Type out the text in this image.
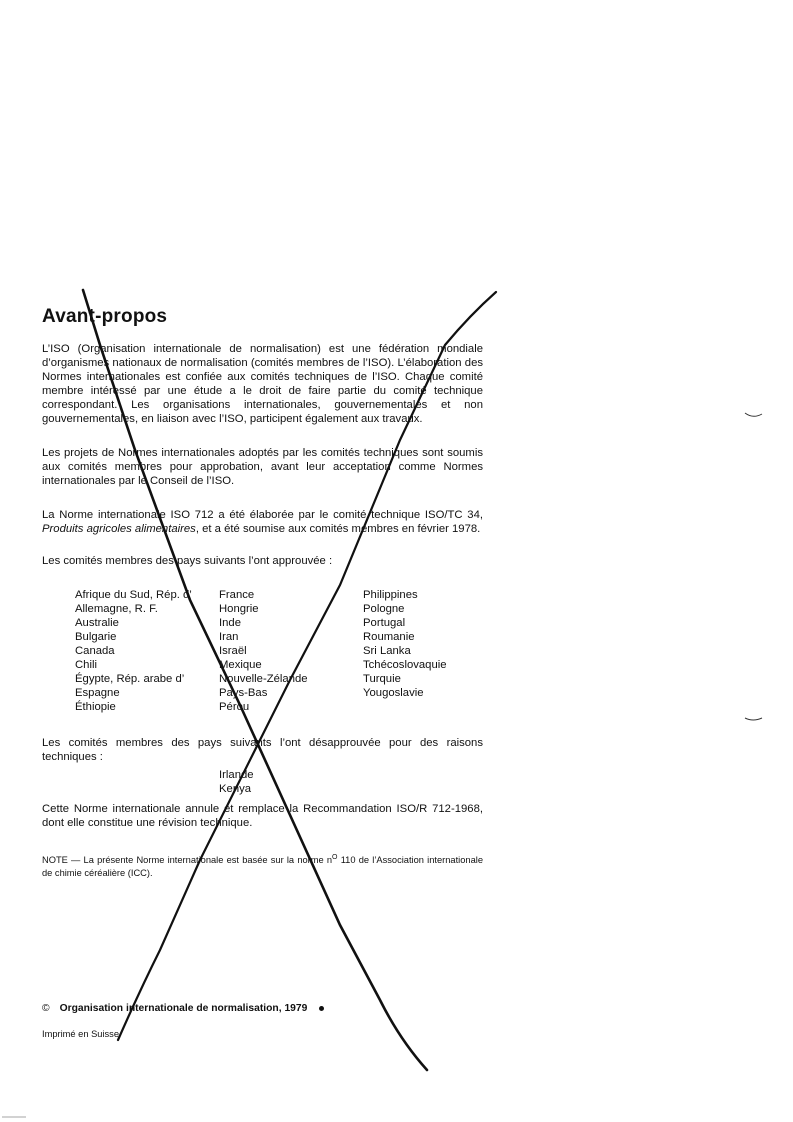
Avant-propos
L’ISO (Organisation internationale de normalisation) est une fédération mondiale d’organismes nationaux de normalisation (comités membres de l’ISO). L’élaboration des Normes internationales est confiée aux comités techniques de l’ISO. Chaque comité membre intéressé par une étude a le droit de faire partie du comité technique correspondant. Les organisations internationales, gouvernementales et non gouvernementales, en liaison avec l’ISO, participent également aux travaux.
Les projets de Normes internationales adoptés par les comités techniques sont soumis aux comités membres pour approbation, avant leur acceptation comme Normes internationales par le Conseil de l’ISO.
La Norme internationale ISO 712 a été élaborée par le comité technique ISO/TC 34, Produits agricoles alimentaires, et a été soumise aux comités membres en février 1978.
Les comités membres des pays suivants l’ont approuvée :
Afrique du Sud, Rép. d’
Allemagne, R. F.
Australie
Bulgarie
Canada
Chili
Égypte, Rép. arabe d’
Espagne
Éthiopie
France
Hongrie
Inde
Iran
Israël
Mexique
Nouvelle-Zélande
Pays-Bas
Pérou
Philippines
Pologne
Portugal
Roumanie
Sri Lanka
Tchécoslovaquie
Turquie
Yougoslavie
Les comités membres des pays suivants l’ont désapprouvée pour des raisons techniques :
Irlande
Kenya
Cette Norme internationale annule et remplace la Recommandation ISO/R 712-1968, dont elle constitue une révision technique.
NOTE — La présente Norme internationale est basée sur la norme $n^O$ 110 de l’Association internationale de chimie céréalière (ICC).
© Organisation internationale de normalisation, 1979
Imprimé en Suisse
